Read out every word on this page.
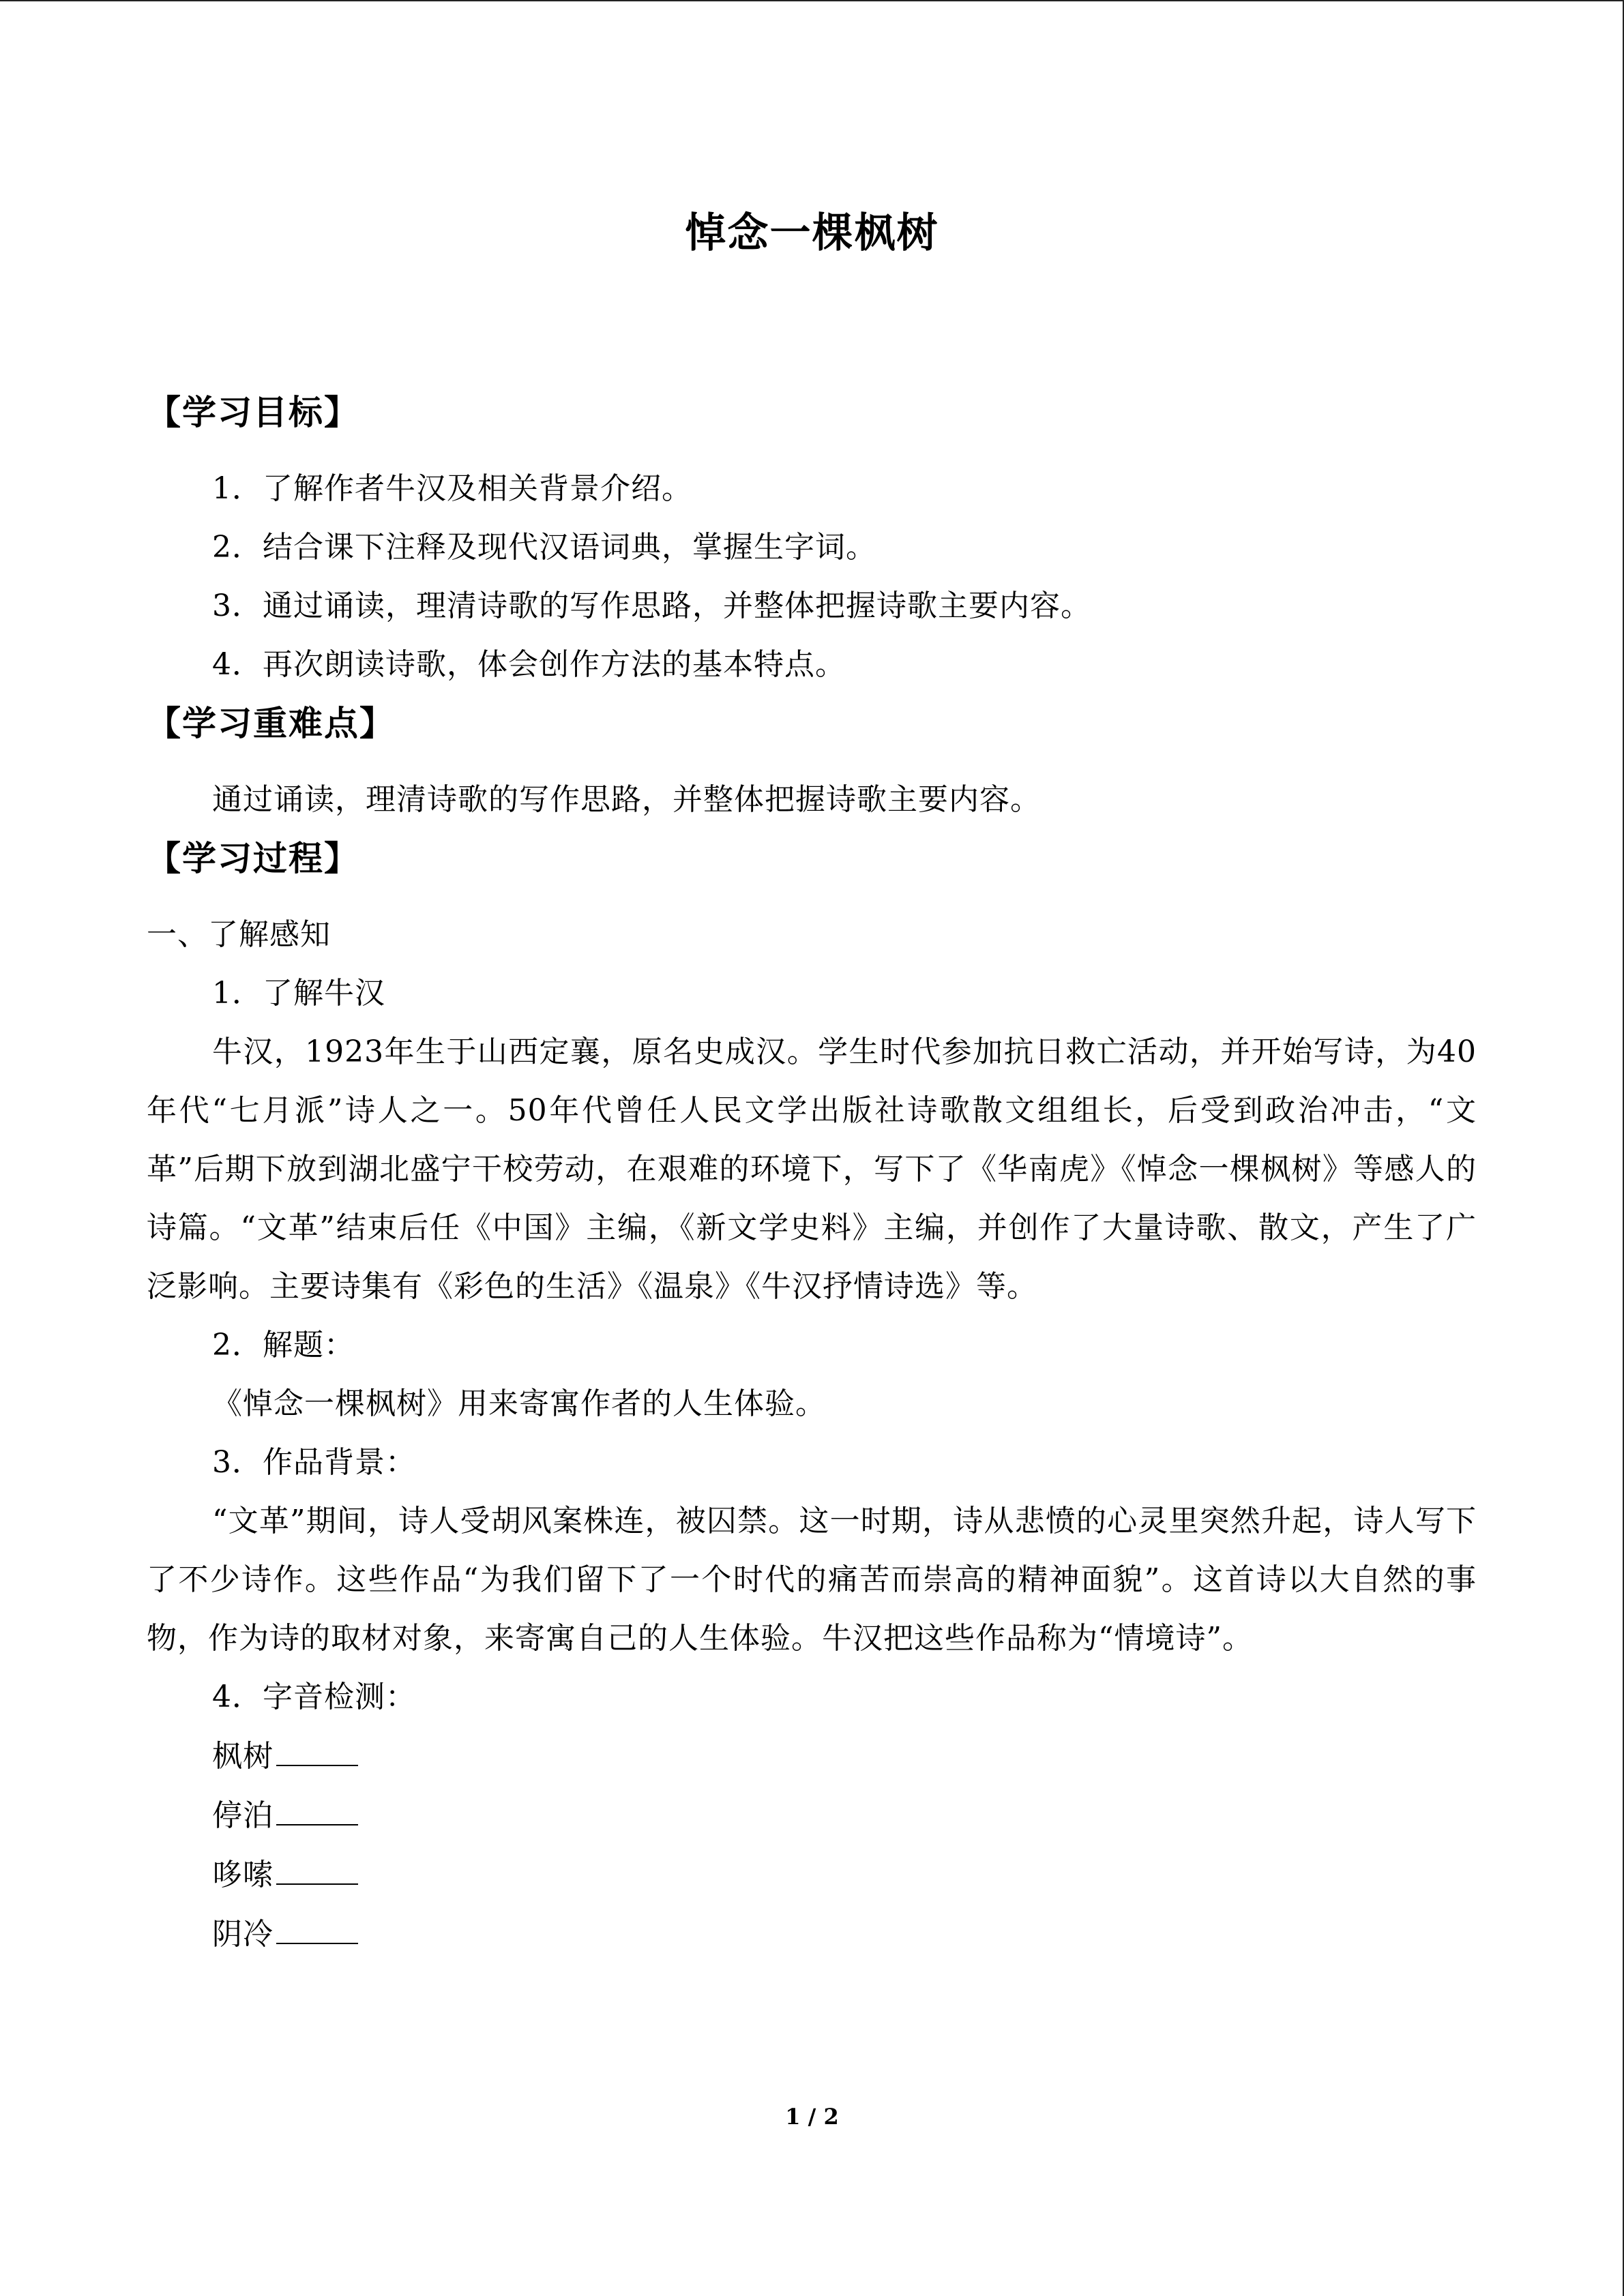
悼念一棵枫树
【学习目标】
1．了解作者牛汉及相关背景介绍。
2．结合课下注释及现代汉语词典，掌握生字词。
3．通过诵读，理清诗歌的写作思路，并整体把握诗歌主要内容。
4．再次朗读诗歌，体会创作方法的基本特点。
【学习重难点】
通过诵读，理清诗歌的写作思路，并整体把握诗歌主要内容。
【学习过程】
一、了解感知
1．了解牛汉

牛汉，1923年生于山西定襄，原名史成汉。学生时代参加抗日救亡活动，并开始写诗，为40年代“七月派”诗人之一。50年代曾任人民文学出版社诗歌散文组组长，后受到政治冲击，“文革”后期下放到湖北盛宁干校劳动，在艰难的环境下，写下了《华南虎》《悼念一棵枫树》等感人的诗篇。“文革”结束后任《中国》主编，《新文学史料》主编，并创作了大量诗歌、散文，产生了广泛影响。主要诗集有《彩色的生活》《温泉》《牛汉抒情诗选》等。

2．解题：
《悼念一棵枫树》用来寄寓作者的人生体验。
3．作品背景：

“文革”期间，诗人受胡风案株连，被囚禁。这一时期，诗从悲愤的心灵里突然升起，诗人写下了不少诗作。这些作品“为我们留下了一个时代的痛苦而崇高的精神面貌”。这首诗以大自然的事物，作为诗的取材对象，来寄寓自己的人生体验。牛汉把这些作品称为“情境诗”。

4．字音检测：
枫树
停泊
哆嗦
阴冷
1 / 2
